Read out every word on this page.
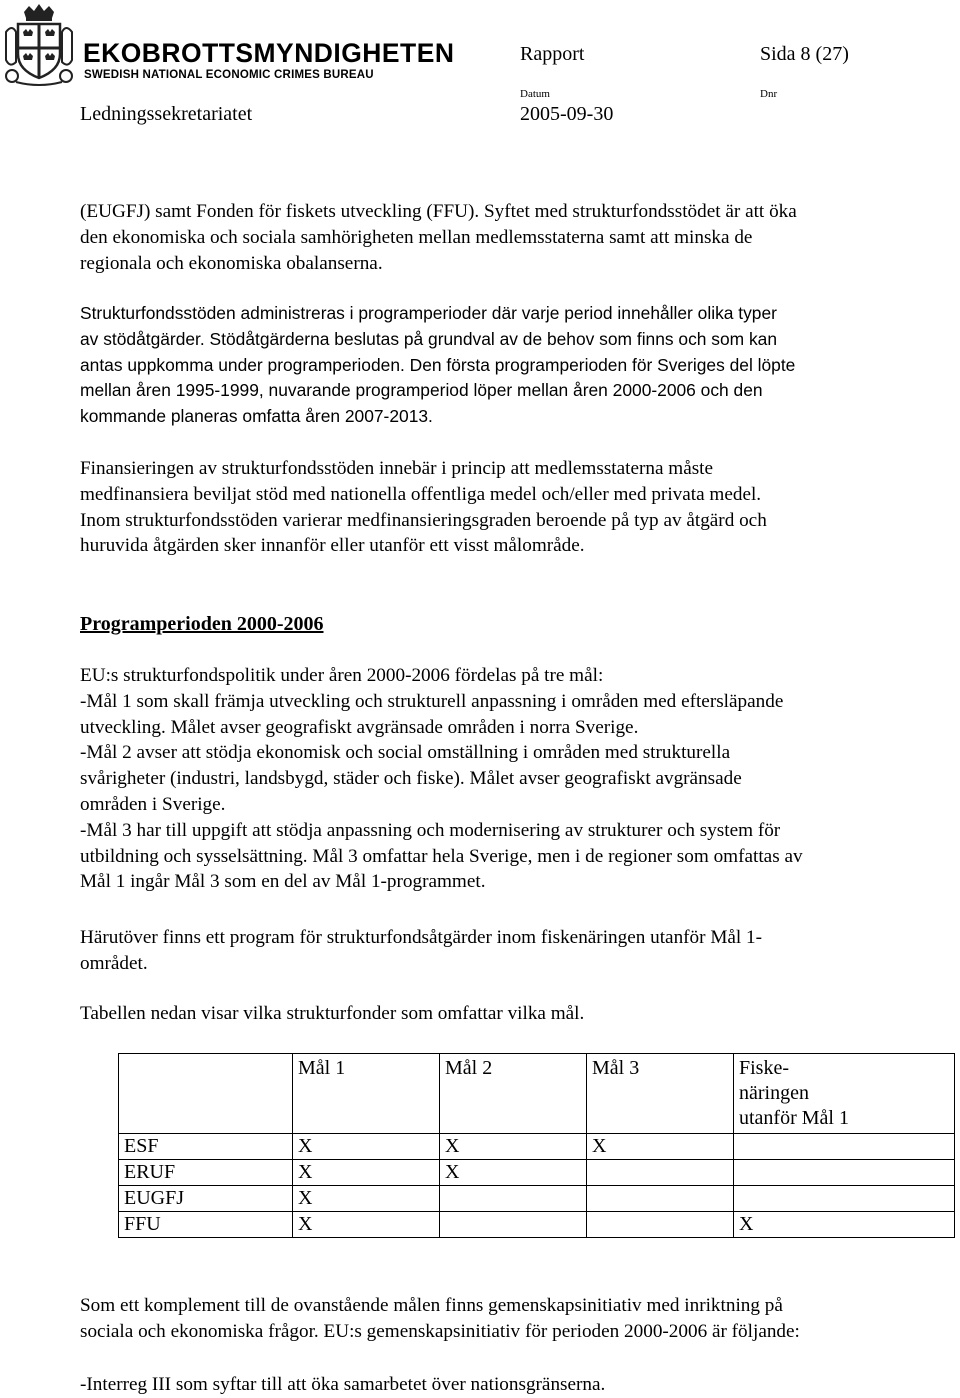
EKOBROTTSMYNDIGHETEN
SWEDISH NATIONAL ECONOMIC CRIMES BUREAU
Rapport	Sida 8 (27)
Datum	Dnr
Ledningssekretariatet	2005-09-30
(EUGFJ) samt Fonden för fiskets utveckling (FFU). Syftet med strukturfondsstödet är att öka
den ekonomiska och sociala samhörigheten mellan medlemsstaterna samt att minska de
regionala och ekonomiska obalanserna.
Strukturfondsstöden administreras i programperioder där varje period innehåller olika typer
av stödåtgärder. Stödåtgärderna beslutas på grundval av de behov som finns och som kan
antas uppkomma under programperioden. Den första programperioden för Sveriges del löpte
mellan åren 1995-1999, nuvarande programperiod löper mellan åren 2000-2006 och den
kommande planeras omfatta åren 2007-2013.
Finansieringen av strukturfondsstöden innebär i princip att medlemsstaterna måste
medfinansiera beviljat stöd med nationella offentliga medel och/eller med privata medel.
Inom strukturfondsstöden varierar medfinansieringsgraden beroende på typ av åtgärd och
huruvida åtgärden sker innanför eller utanför ett visst målområde.
Programperioden 2000-2006
EU:s strukturfondspolitik under åren 2000-2006 fördelas på tre mål:
-Mål 1 som skall främja utveckling och strukturell anpassning i områden med eftersläpande
utveckling. Målet avser geografiskt avgränsade områden i norra Sverige.
-Mål 2 avser att stödja ekonomisk och social omställning i områden med strukturella
svårigheter (industri, landsbygd, städer och fiske). Målet avser geografiskt avgränsade
områden i Sverige.
-Mål 3 har till uppgift att stödja anpassning och modernisering av strukturer och system för
utbildning och sysselsättning. Mål 3 omfattar hela Sverige, men i de regioner som omfattas av
Mål 1 ingår Mål 3 som en del av Mål 1-programmet.
Härutöver finns ett program för strukturfondsåtgärder inom fiskenäringen utanför Mål 1-
området.
Tabellen nedan visar vilka strukturfonder som omfattar vilka mål.
	Mål 1	Mål 2	Mål 3	Fiske-
näringen
utanför Mål 1

ESF	X	X	X	
ERUF	X	X		
EUGFJ	X			
FFU	X			X
Som ett komplement till de ovanstående målen finns gemenskapsinitiativ med inriktning på
sociala och ekonomiska frågor. EU:s gemenskapsinitiativ för perioden 2000-2006 är följande:
-Interreg III som syftar till att öka samarbetet över nationsgränserna.
